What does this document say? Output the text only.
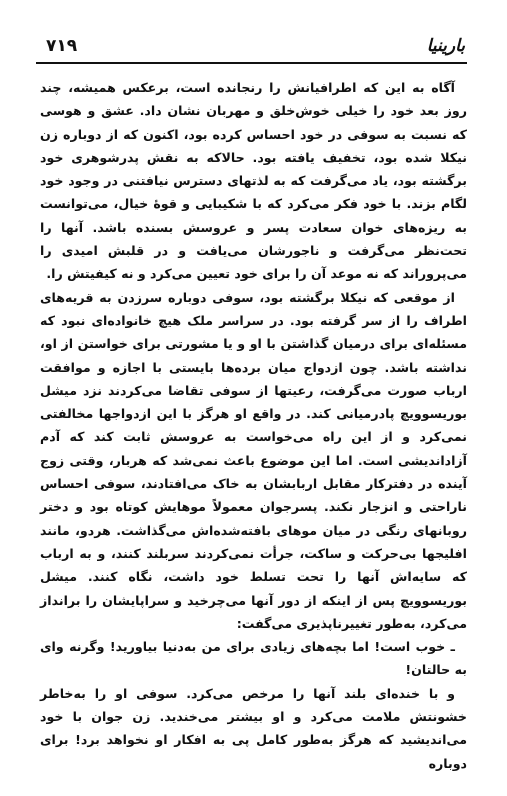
بارینیا
۷۱۹

آگاه به این که اطرافیانش را رنجانده است، برعکس همیشه، چند روز بعد خود را خیلی خوش‌خلق و مهربان نشان داد. عشق و هوسی که نسبت به سوفی در خود احساس کرده بود، اکنون که از دوباره زن نیکلا شده بود، تخفیف یافته بود. حالاکه به نقش پدرشوهری خود برگشته بود، یاد می‌گرفت که به لذتهای دسترس نیافتنی در وجود خود لگام بزند. با خود فکر می‌کرد که با شکیبایی و قوهٔ خیال، می‌توانست به ریزه‌های خوان سعادت پسر و عروسش بسنده باشد. آنها را تحت‌نظر می‌گرفت و ناجورشان می‌یافت و در قلبش امیدی را می‌پروراند که نه موعد آن را برای خود تعیین می‌کرد و نه کیفیتش را.

از موقعی که نیکلا برگشته بود، سوفی دوباره سرزدن به قریه‌های اطراف را از سر گرفته بود. در سراسر ملک هیچ خانواده‌ای نبود که مسئله‌ای برای درمیان گذاشتن با او و یا مشورتی برای خواستن از او، نداشته باشد. چون ازدواج میان برده‌ها بایستی با اجازه و موافقت ارباب صورت می‌گرفت، رعیتها از سوفی تقاضا می‌کردند نزد میشل بوریسوویچ پادرمیانی کند. در واقع او هرگز با این ازدواجها مخالفتی نمی‌کرد و از این راه می‌خواست به عروسش ثابت کند که آدم آزاداندیشی است. اما این موضوع باعث نمی‌شد که هربار، وقتی زوج آینده در دفترکار مقابل اربابشان به خاک می‌افتادند، سوفی احساس ناراحتی و انزجار نکند. پسرجوان معمولاً موهایش کوتاه بود و دختر روبانهای رنگی در میان موهای بافته‌شده‌اش می‌گذاشت. هردو، مانند افلیجها بی‌حرکت و ساکت، جرأت نمی‌کردند سربلند کنند، و به ارباب که سایه‌اش آنها را تحت تسلط خود داشت، نگاه کنند. میشل بوریسوویچ پس از اینکه از دور آنها می‌چرخید و سراپایشان را برانداز می‌کرد، به‌طور تغییرناپذیری می‌گفت:

ـ خوب است! اما بچه‌های زیادی برای من به‌دنیا بیاورید! وگرنه وای به حالتان!

و با خنده‌ای بلند آنها را مرخص می‌کرد. سوفی او را به‌خاطر خشونتش ملامت می‌کرد و او بیشتر می‌خندید. زن جوان با خود می‌اندیشید که هرگز به‌طور کامل پی به افکار او نخواهد برد! برای دوباره
